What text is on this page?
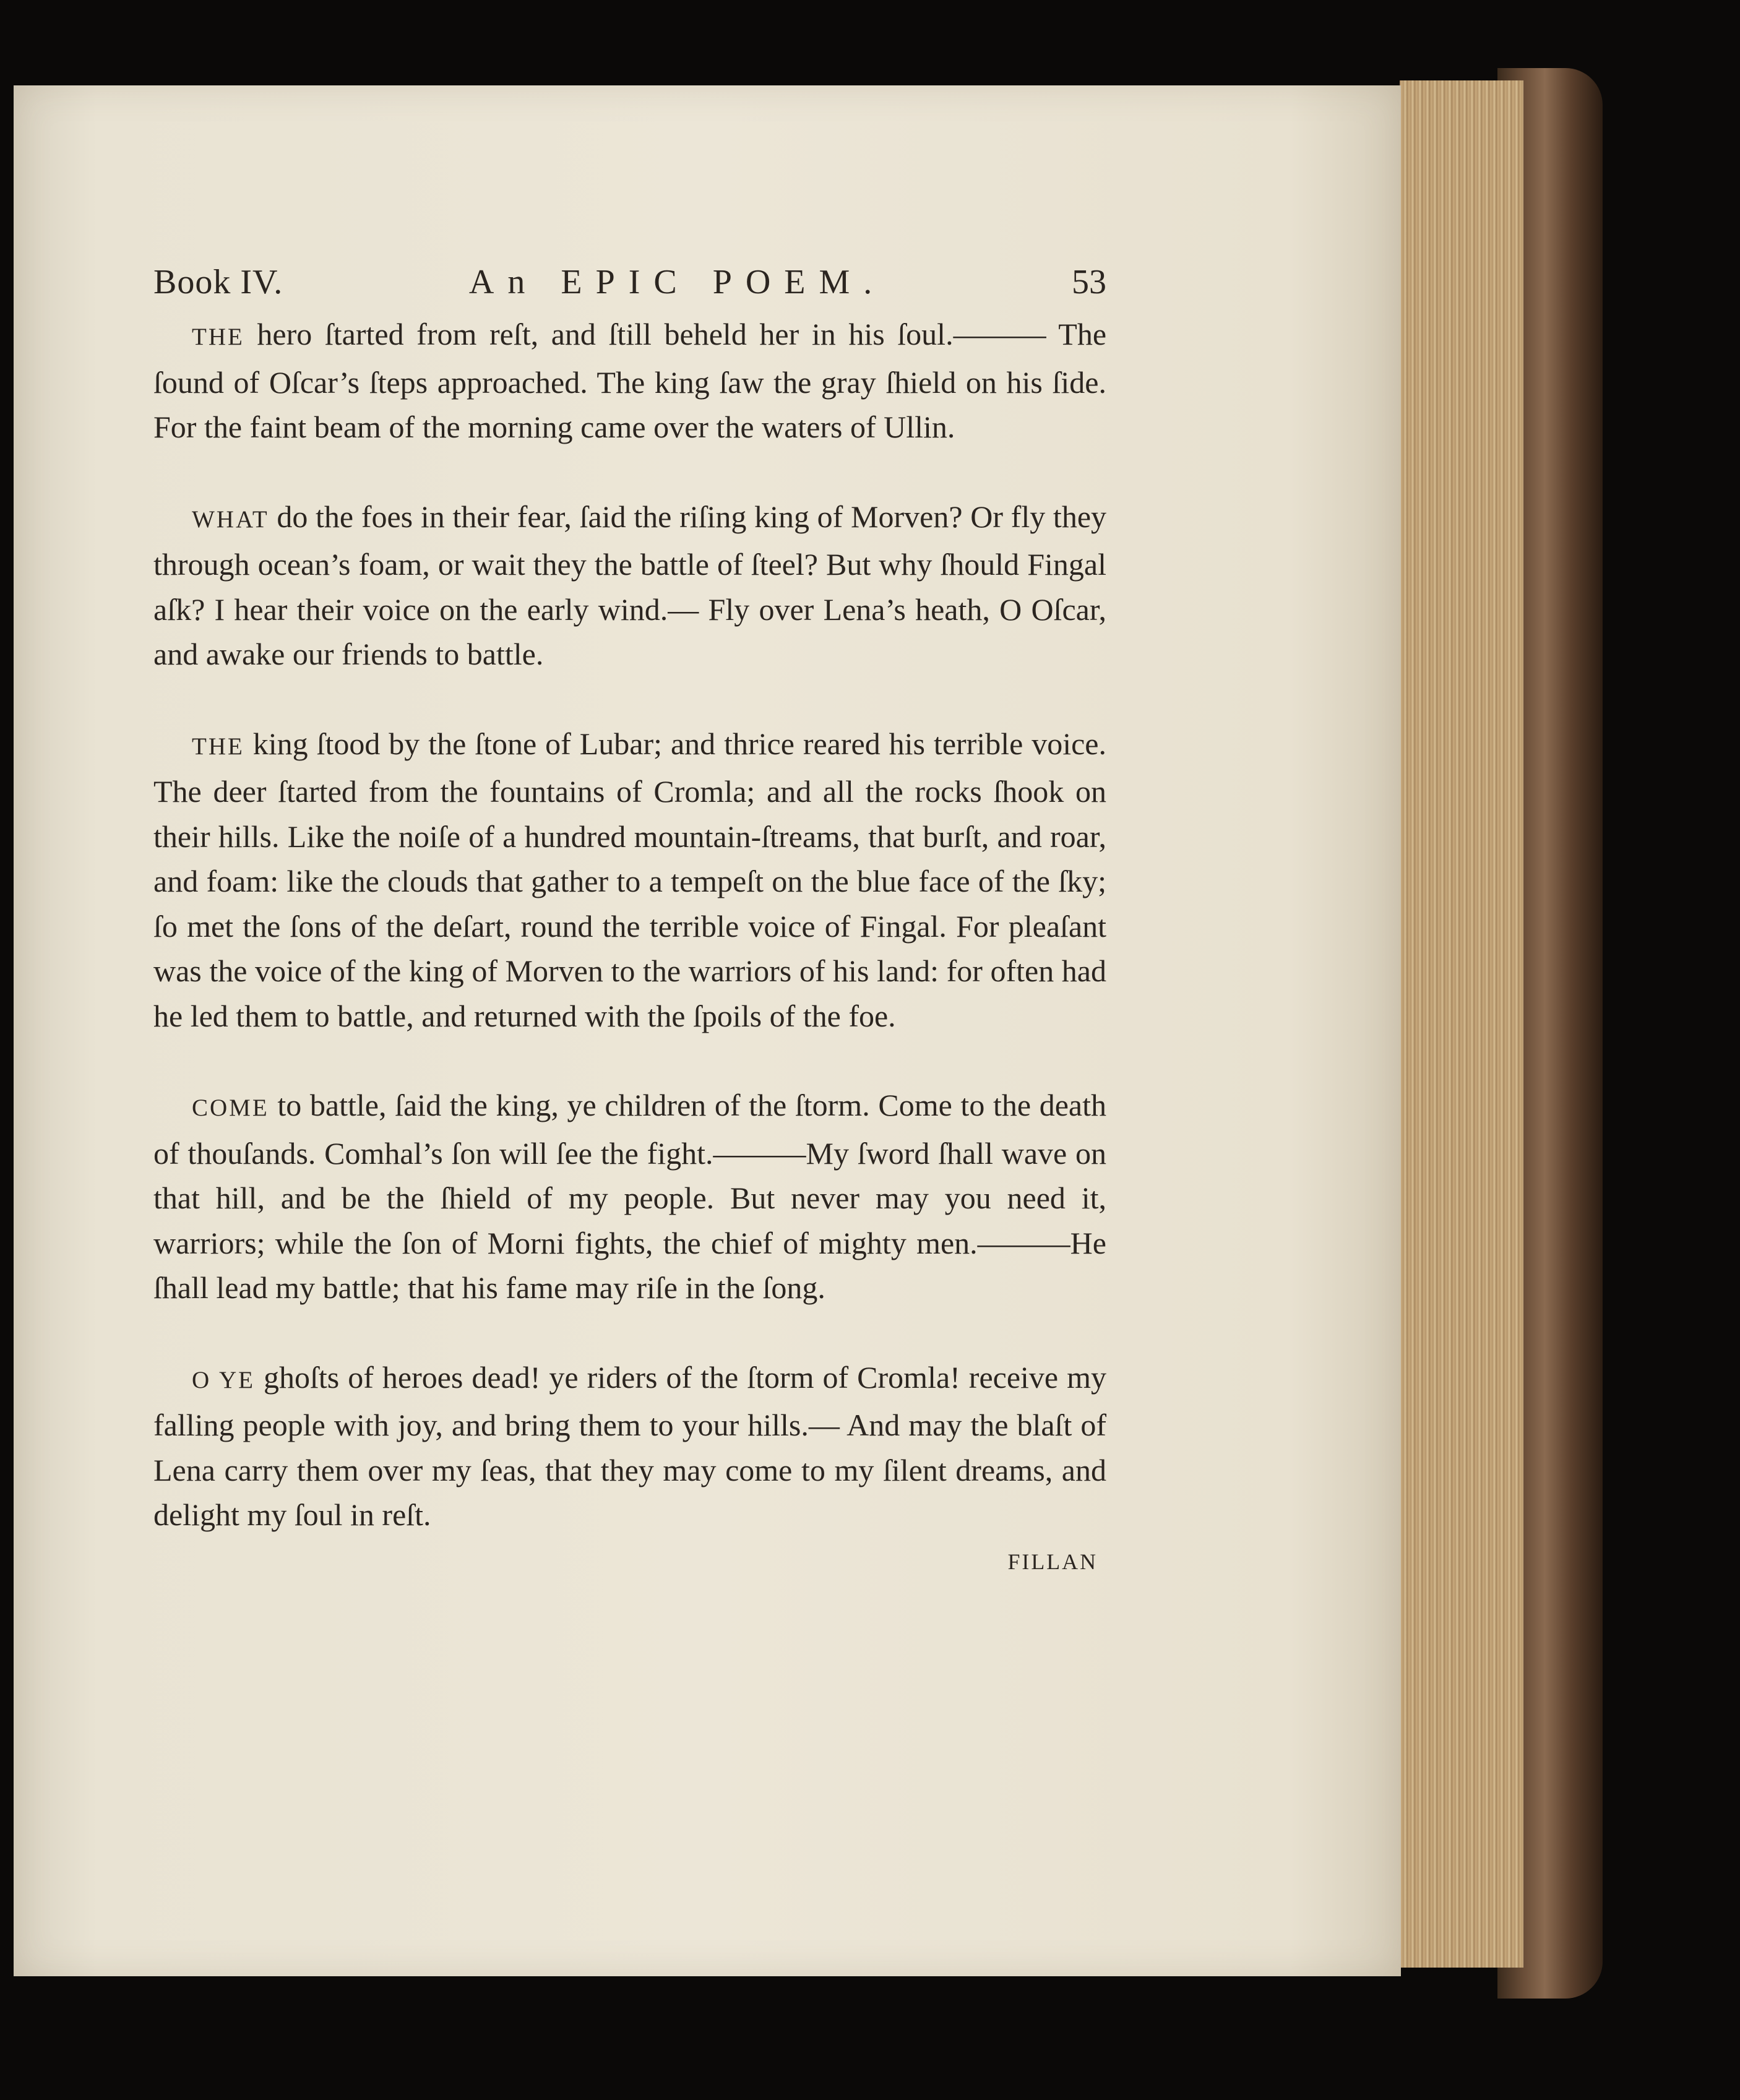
Book IV.	An EPIC POEM.	53

THE hero ſtarted from reſt, and ſtill beheld her in his ſoul.——— The ſound of Oſcar’s ſteps approached. The king ſaw the gray ſhield on his ſide. For the faint beam of the morning came over the waters of Ullin.

WHAT do the foes in their fear, ſaid the riſing king of Morven? Or fly they through ocean’s foam, or wait they the battle of ſteel? But why ſhould Fingal aſk? I hear their voice on the early wind.— Fly over Lena’s heath, O Oſcar, and awake our friends to battle.

THE king ſtood by the ſtone of Lubar; and thrice reared his terrible voice. The deer ſtarted from the fountains of Cromla; and all the rocks ſhook on their hills. Like the noiſe of a hundred mountain-ſtreams, that burſt, and roar, and foam: like the clouds that gather to a tempeſt on the blue face of the ſky; ſo met the ſons of the deſart, round the terrible voice of Fingal. For pleaſant was the voice of the king of Morven to the warriors of his land: for often had he led them to battle, and returned with the ſpoils of the foe.

COME to battle, ſaid the king, ye children of the ſtorm. Come to the death of thouſands. Comhal’s ſon will ſee the fight.———My ſword ſhall wave on that hill, and be the ſhield of my people. But never may you need it, warriors; while the ſon of Morni fights, the chief of mighty men.———He ſhall lead my battle; that his fame may riſe in the ſong.

O YE ghoſts of heroes dead! ye riders of the ſtorm of Cromla! receive my falling people with joy, and bring them to your hills.— And may the blaſt of Lena carry them over my ſeas, that they may come to my ſilent dreams, and delight my ſoul in reſt.

FILLAN
